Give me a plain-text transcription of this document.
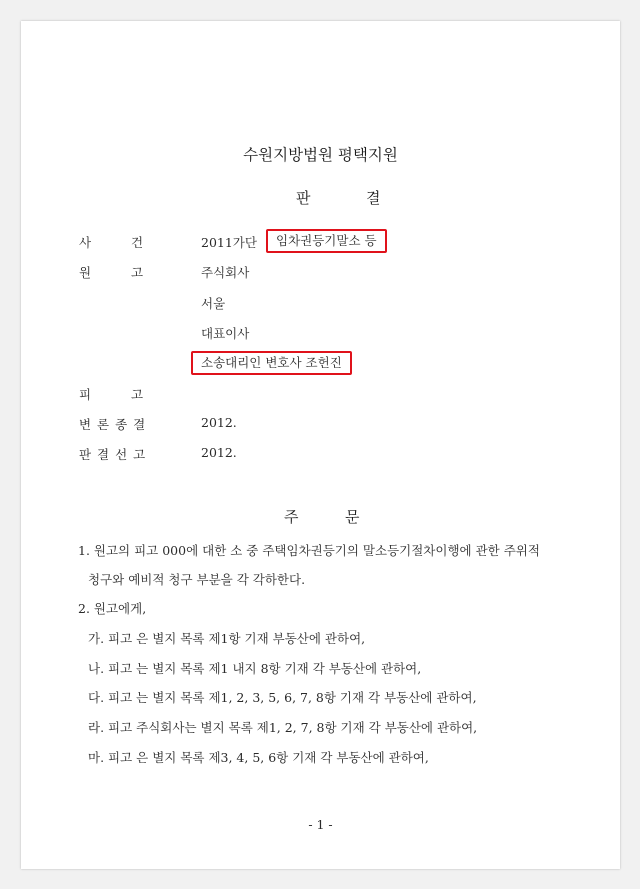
수원지방법원 평택지원
판	결
사	건	2011가단	임차권등기말소 등
원	고	주식회사
서울
대표이사
소송대리인 변호사 조헌진
피	고
변 론 종 결	2012.
판 결 선 고	2012.
주	문
1. 원고의 피고 000에 대한 소 중 주택임차권등기의 말소등기절차이행에 관한 주위적
청구와 예비적 청구 부분을 각 각하한다.
2. 원고에게,
가. 피고 은 별지 목록 제1항 기재 부동산에 관하여,
나. 피고 는 별지 목록 제1 내지 8항 기재 각 부동산에 관하여,
다. 피고 는 별지 목록 제1, 2, 3, 5, 6, 7, 8항 기재 각 부동산에 관하여,
라. 피고 주식회사는 별지 목록 제1, 2, 7, 8항 기재 각 부동산에 관하여,
마. 피고 은 별지 목록 제3, 4, 5, 6항 기재 각 부동산에 관하여,
- 1 -
